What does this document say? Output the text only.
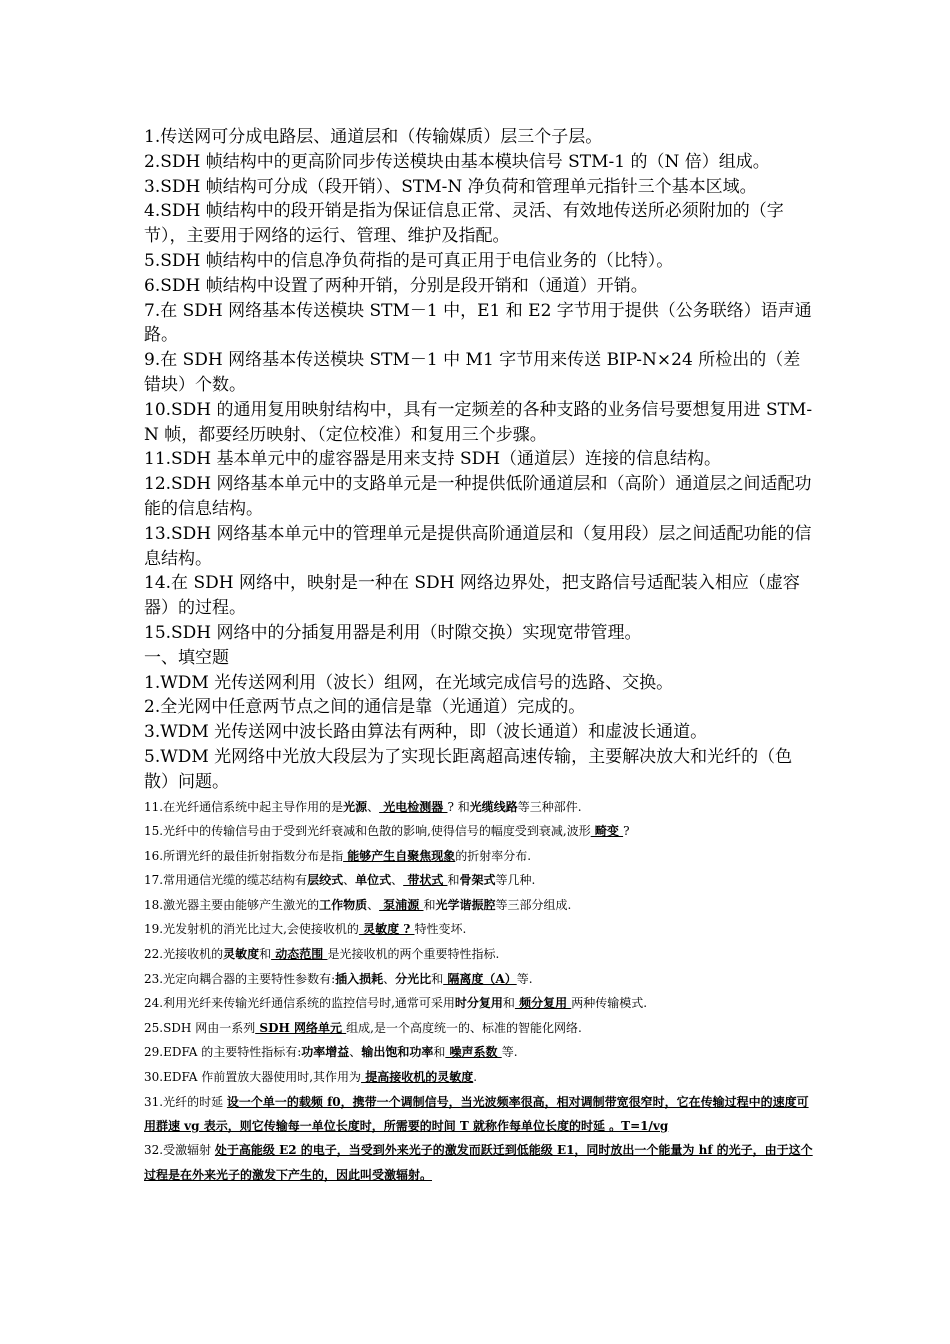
1.传送网可分成电路层、通道层和（传输媒质）层三个子层。

2.SDH 帧结构中的更高阶同步传送模块由基本模块信号 STM-1 的（N 倍）组成。

3.SDH 帧结构可分成（段开销）、STM-N 净负荷和管理单元指针三个基本区域。

4.SDH 帧结构中的段开销是指为保证信息正常、灵活、有效地传送所必须附加的（字节），主要用于网络的运行、管理、维护及指配。

5.SDH 帧结构中的信息净负荷指的是可真正用于电信业务的（比特）。

6.SDH 帧结构中设置了两种开销，分别是段开销和（通道）开销。

7.在 SDH 网络基本传送模块 STM－1 中，E1 和 E2 字节用于提供（公务联络）语声通路。

9.在 SDH 网络基本传送模块 STM－1 中 M1 字节用来传送 BIP-N×24 所检出的（差错块）个数。

10.SDH 的通用复用映射结构中，具有一定频差的各种支路的业务信号要想复用进 STM-N 帧，都要经历映射、（定位校准）和复用三个步骤。

11.SDH 基本单元中的虚容器是用来支持 SDH（通道层）连接的信息结构。

12.SDH 网络基本单元中的支路单元是一种提供低阶通道层和（高阶）通道层之间适配功能的信息结构。

13.SDH 网络基本单元中的管理单元是提供高阶通道层和（复用段）层之间适配功能的信息结构。

14.在 SDH 网络中，映射是一种在 SDH 网络边界处，把支路信号适配装入相应（虚容器）的过程。

15.SDH 网络中的分插复用器是利用（时隙交换）实现宽带管理。

一、填空题

1.WDM 光传送网利用（波长）组网，在光域完成信号的选路、交换。

2.全光网中任意两节点之间的通信是靠（光通道）完成的。

3.WDM 光传送网中波长路由算法有两种，即（波长通道）和虚波长通道。

5.WDM 光网络中光放大段层为了实现长距离超高速传输，主要解决放大和光纤的（色散）问题。

11.在光纤通信系统中起主导作用的是光源、 光电检测器 ? 和光缆线路等三种部件.

15.光纤中的传输信号由于受到光纤衰减和色散的影响,使得信号的幅度受到衰减,波形 畸变 ?

16.所谓光纤的最佳折射指数分布是指 能够产生自聚焦现象的折射率分布.

17.常用通信光缆的缆芯结构有层绞式、单位式、 带状式 和骨架式等几种.

18.激光器主要由能够产生激光的工作物质、 泵浦源 和光学谐振腔等三部分组成.

19.光发射机的消光比过大,会使接收机的 灵敏度 ? 特性变坏.

22.光接收机的灵敏度和 动态范围 是光接收机的两个重要特性指标.

23.光定向耦合器的主要特性参数有:插入损耗、分光比和 隔离度（A）等.

24.利用光纤来传输光纤通信系统的监控信号时,通常可采用时分复用和 频分复用 两种传输模式.

25.SDH 网由一系列 SDH 网络单元 组成,是一个高度统一的、标准的智能化网络.

29.EDFA 的主要特性指标有:功率增益、输出饱和功率和 噪声系数 等.

30.EDFA 作前置放大器使用时,其作用为 提高接收机的灵敏度.

31.光纤的时延 设一个单一的载频 f0，携带一个调制信号，当光波频率很高，相对调制带宽很窄时，它在传输过程中的速度可用群速 vg 表示，则它传输每一单位长度时，所需要的时间 T 就称作每单位长度的时延 。T=1/vg

32.受激辐射 处于高能级 E2 的电子，当受到外来光子的激发而跃迁到低能级 E1，同时放出一个能量为 hf 的光子，由于这个过程是在外来光子的激发下产生的，因此叫受激辐射。
